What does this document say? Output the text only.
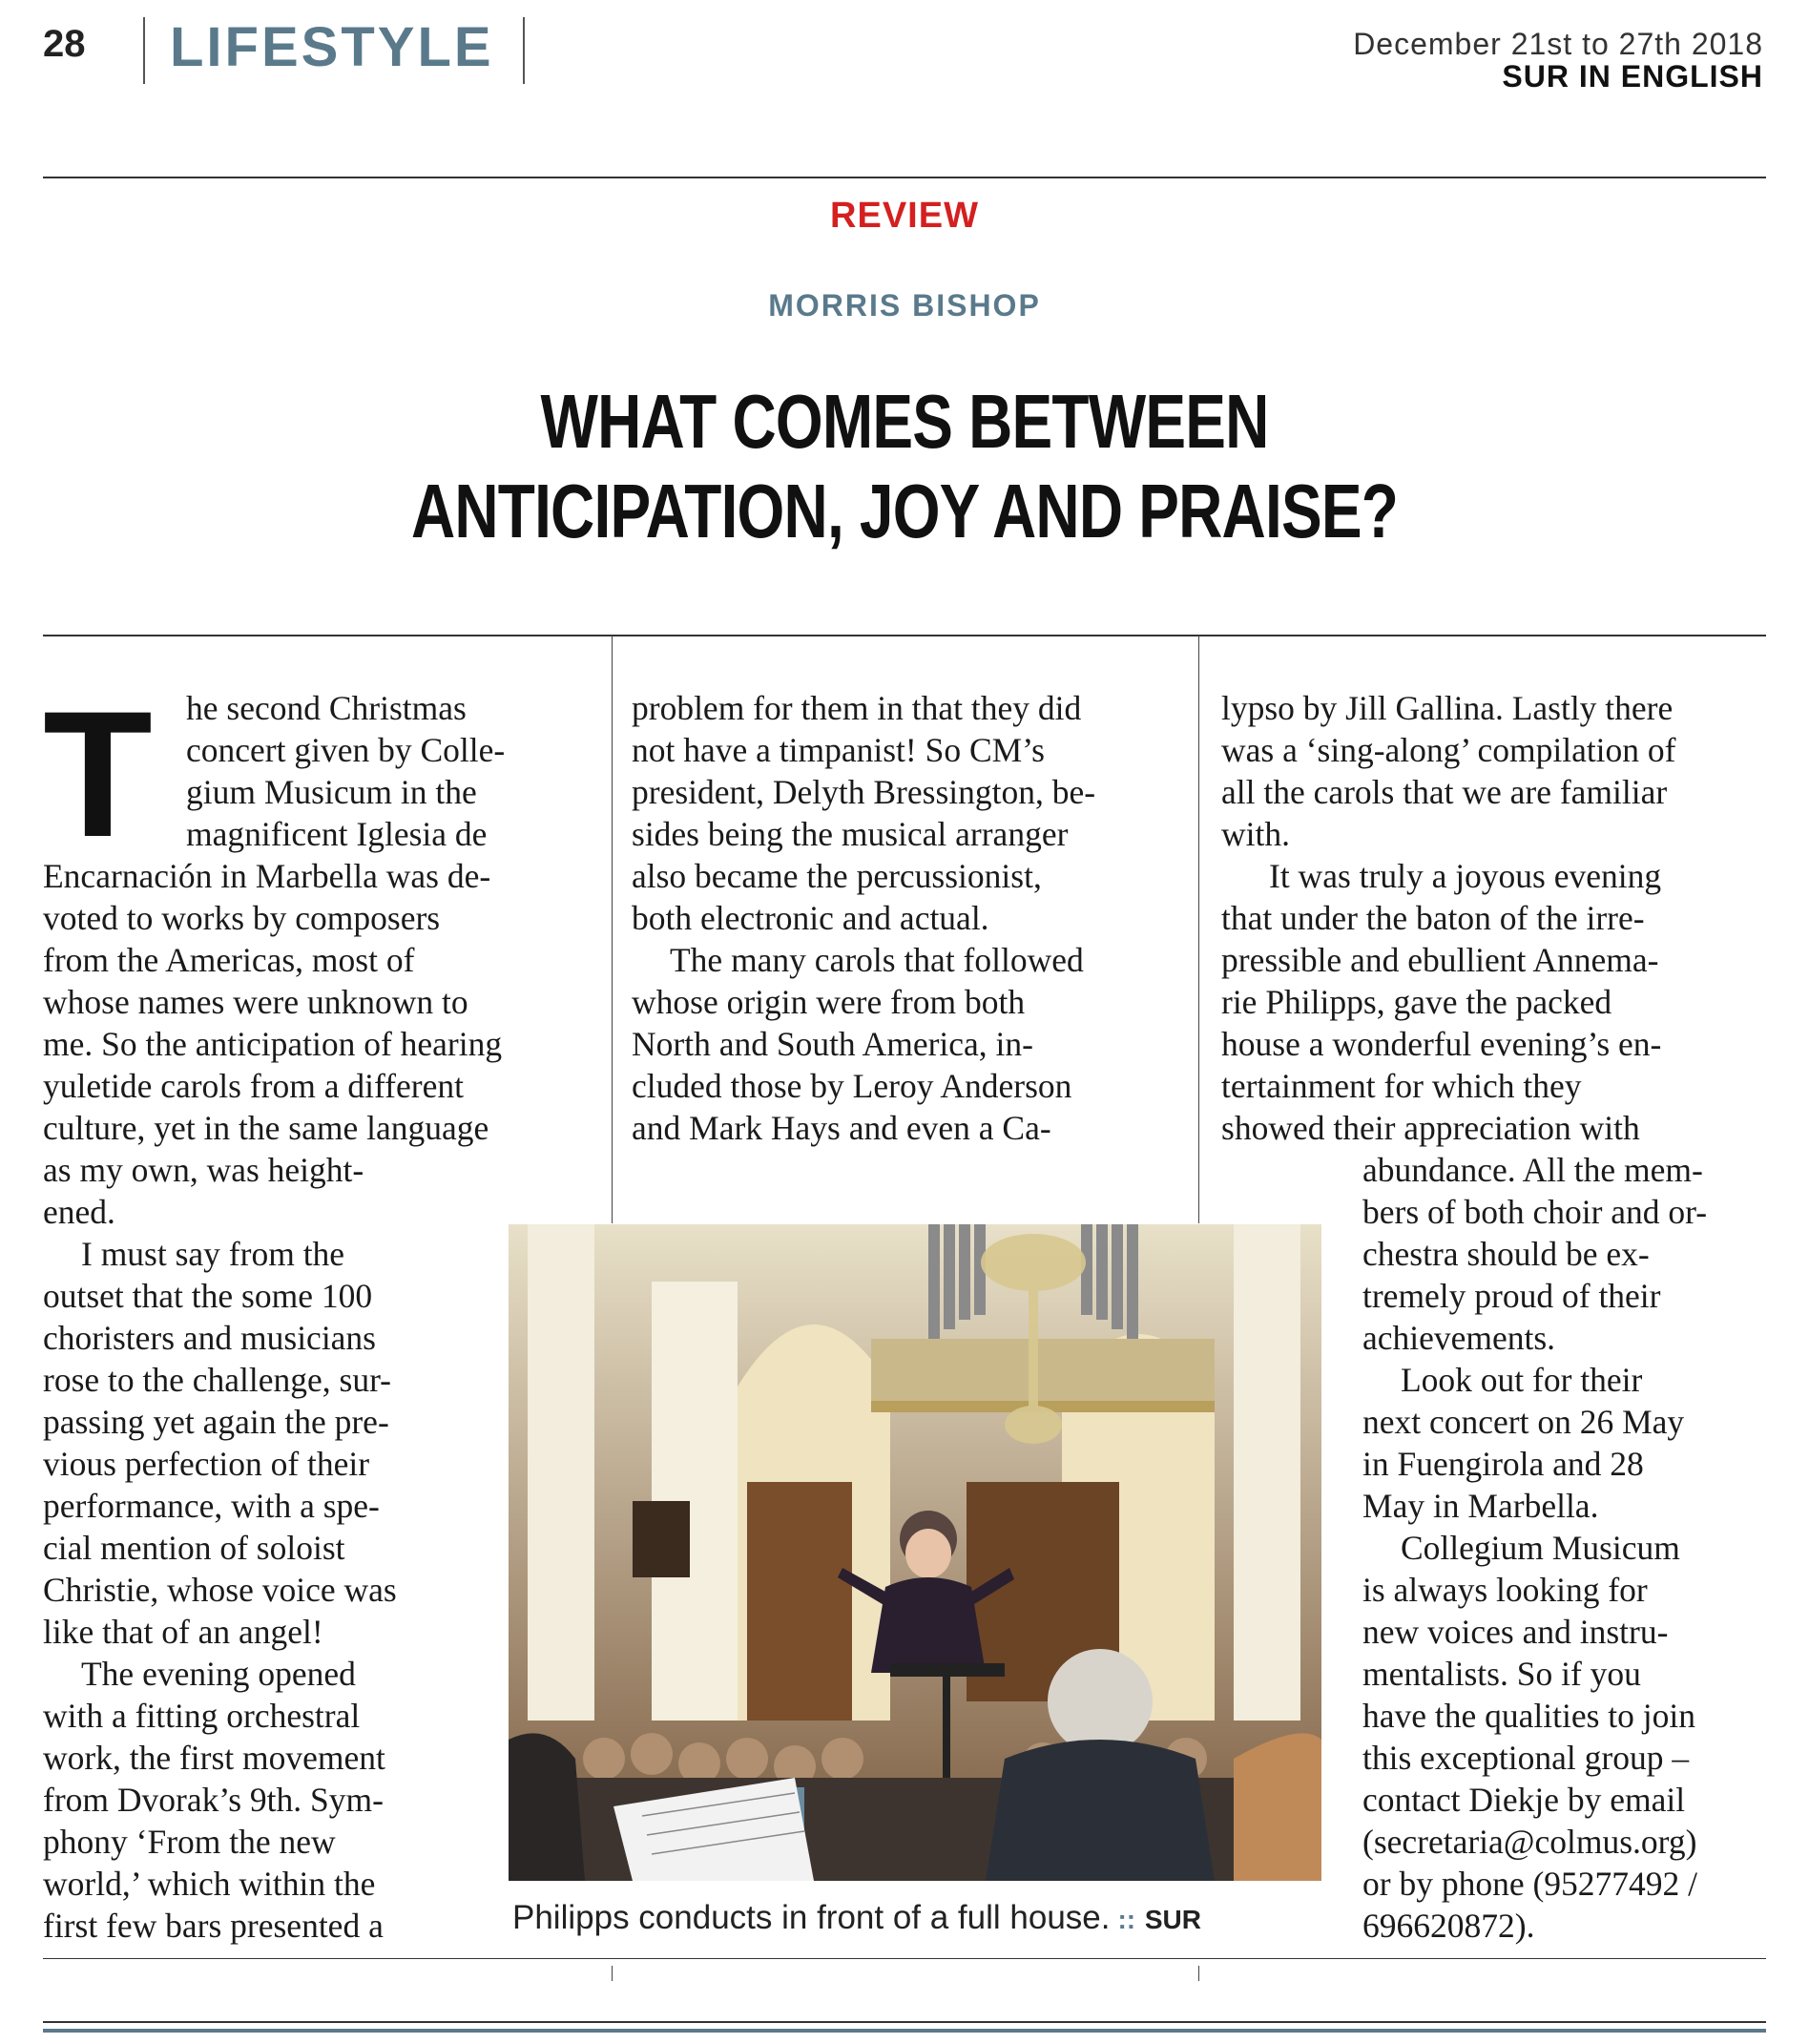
28 LIFESTYLE	December 21st to 27th 2018
SUR IN ENGLISH
REVIEW
MORRIS BISHOP
WHAT COMES BETWEEN
ANTICIPATION, JOY AND PRAISE?
T he second Christmas
concert given by Colle-
gium Musicum in the
magnificent Iglesia de
Encarnación in Marbella was de-
voted to works by composers
from the Americas, most of
whose names were unknown to
me. So the anticipation of hearing
yuletide carols from a different
culture, yet in the same language
as my own, was height-
ened.
I must say from the
outset that the some 100
choristers and musicians
rose to the challenge, sur-
passing yet again the pre-
vious perfection of their
performance, with a spe-
cial mention of soloist
Christie, whose voice was
like that of an angel!
The evening opened
with a fitting orchestral
work, the first movement
from Dvorak’s 9th. Sym-
phony ‘From the new
world,’ which within the
first few bars presented a
problem for them in that they did
not have a timpanist! So CM’s
president, Delyth Bressington, be-
sides being the musical arranger
also became the percussionist,
both electronic and actual.
The many carols that followed
whose origin were from both
North and South America, in-
cluded those by Leroy Anderson
and Mark Hays and even a Ca-
lypso by Jill Gallina. Lastly there
was a ‘sing-along’ compilation of
all the carols that we are familiar
with.
It was truly a joyous evening
that under the baton of the irre-
pressible and ebullient Annema-
rie Philipps, gave the packed
house a wonderful evening’s en-
tertainment for which they
showed their appreciation with
abundance. All the mem-
bers of both choir and or-
chestra should be ex-
tremely proud of their
achievements.
Look out for their
next concert on 26 May
in Fuengirola and 28
May in Marbella.
Collegium Musicum
is always looking for
new voices and instru-
mentalists. So if you
have the qualities to join
this exceptional group –
contact Diekje by email
(secretaria@colmus.org)
or by phone (95277492 /
696620872).
Philipps conducts in front of a full house. :: SUR
